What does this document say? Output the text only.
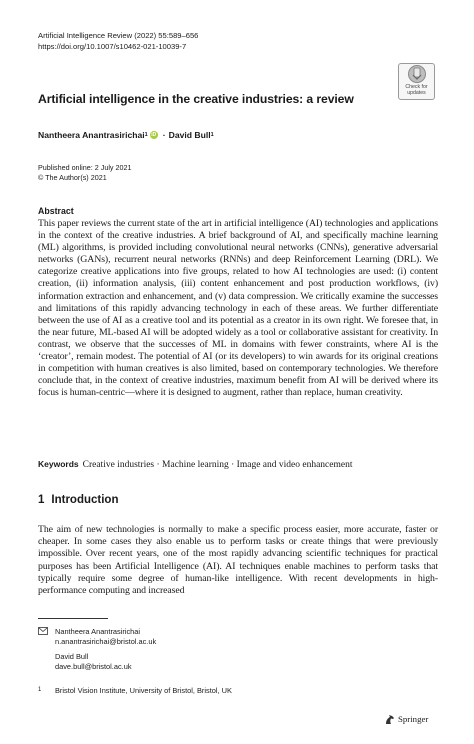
Artificial Intelligence Review (2022) 55:589–656
https://doi.org/10.1007/s10462-021-10039-7
Check for
updates
Artificial intelligence in the creative industries: a review
Nantheera Anantrasirichai 1 iD · David Bull 1
Published online: 2 July 2021
© The Author(s) 2021
Abstract
This paper reviews the current state of the art in artificial intelligence (AI) technologies and applications in the context of the creative industries. A brief background of AI, and specifically machine learning (ML) algorithms, is provided including convolutional neural networks (CNNs), generative adversarial networks (GANs), recurrent neural networks (RNNs) and deep Reinforcement Learning (DRL). We categorize creative applications into five groups, related to how AI technologies are used: (i) content creation, (ii) information analysis, (iii) content enhancement and post production workflows, (iv) information extraction and enhancement, and (v) data compression. We critically examine the successes and limitations of this rapidly advancing technology in each of these areas. We further differentiate between the use of AI as a creative tool and its potential as a creator in its own right. We foresee that, in the near future, ML-based AI will be adopted widely as a tool or collaborative assistant for creativity. In contrast, we observe that the successes of ML in domains with fewer constraints, where AI is the ‘creator’, remain modest. The potential of AI (or its developers) to win awards for its original creations in competition with human creatives is also limited, based on contemporary technologies. We therefore conclude that, in the context of creative industries, maximum benefit from AI will be derived where its focus is human-centric—where it is designed to augment, rather than replace, human creativity.
Keywords Creative industries · Machine learning · Image and video enhancement
1 Introduction
The aim of new technologies is normally to make a specific process easier, more accurate, faster or cheaper. In some cases they also enable us to perform tasks or create things that were previously impossible. Over recent years, one of the most rapidly advancing scientific techniques for practical purposes has been Artificial Intelligence (AI). AI techniques enable machines to perform tasks that typically require some degree of human-like intelligence. With recent developments in high-performance computing and increased
Nantheera Anantrasirichai
n.anantrasirichai@bristol.ac.uk
David Bull
dave.bull@bristol.ac.uk
1	Bristol Vision Institute, University of Bristol, Bristol, UK
Springer
